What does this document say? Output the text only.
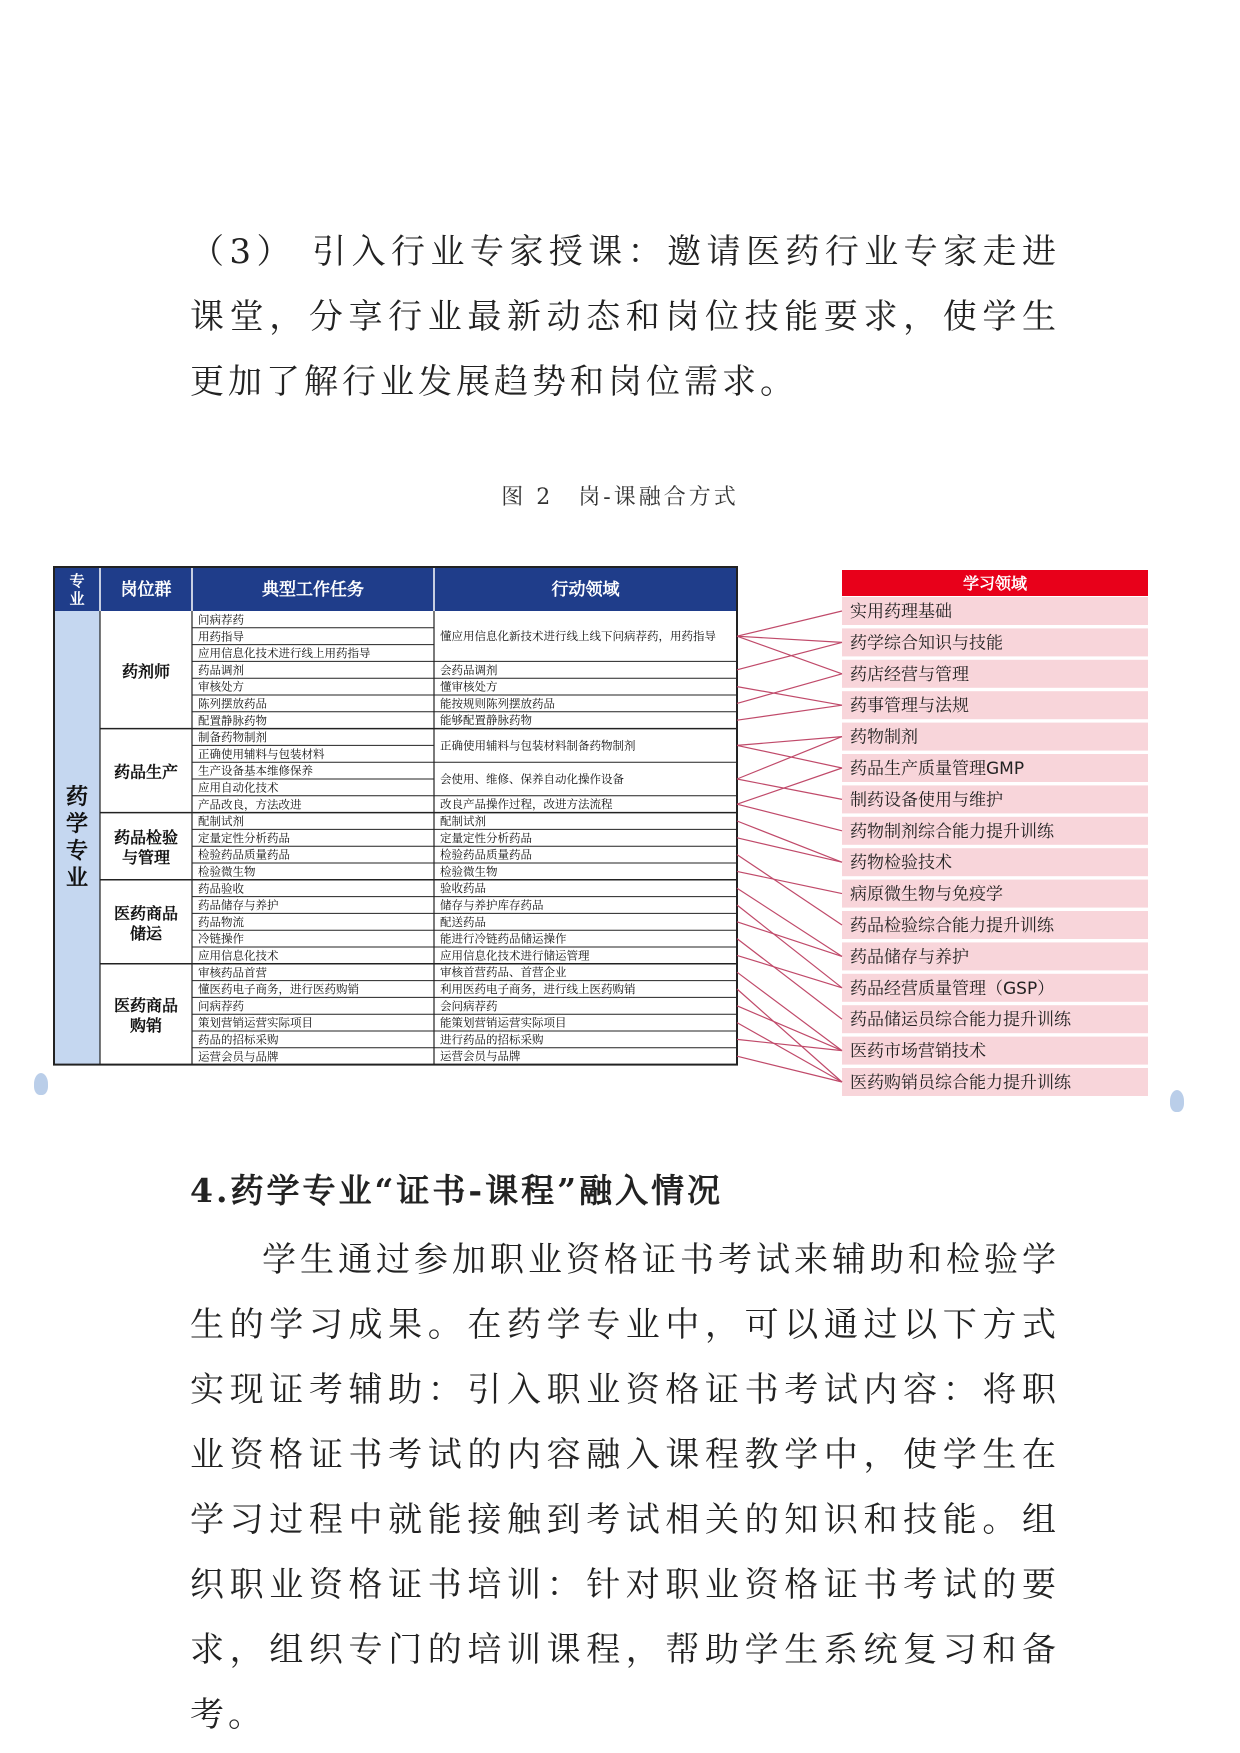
（3） 引入行业专家授课：邀请医药行业专家走进课堂，分享行业最新动态和岗位技能要求，使学生更加了解行业发展趋势和岗位需求。

图 2　岗-课融合方式
专
业 岗位群	典型工作任务	行动领域
药
学
专
业
药剂师
懂应用信息化新技术进行线上线下问病荐药，用药指导
会药品调剂
懂审核处方
能按规则陈列摆放药品
能够配置静脉药物
问病荐药
用药指导
应用信息化技术进行线上用药指导
药品调剂
审核处方
陈列摆放药品
配置静脉药物
药品生产
正确使用辅料与包装材料制备药物制剂
会使用、维修、保养自动化操作设备
改良产品操作过程，改进方法流程
制备药物制剂
正确使用辅料与包装材料
生产设备基本维修保养
应用自动化技术
产品改良，方法改进
药品检验
与管理
配制试剂
定量定性分析药品
检验药品质量药品
检验微生物
配制试剂
定量定性分析药品
检验药品质量药品
检验微生物
医药商品
储运
验收药品
储存与养护库存药品
配送药品
能进行冷链药品储运操作
应用信息化技术进行储运管理
药品验收
药品储存与养护
药品物流
冷链操作
应用信息化技术
医药商品
购销
审核首营药品、首营企业
利用医药电子商务，进行线上医药购销
会问病荐药
能策划营销运营实际项目
进行药品的招标采购
运营会员与品牌
审核药品首营
懂医药电子商务，进行医药购销
问病荐药
策划营销运营实际项目
药品的招标采购
运营会员与品牌
学习领域
实用药理基础
药学综合知识与技能
药店经营与管理
药事管理与法规
药物制剂
药品生产质量管理GMP
制药设备使用与维护
药物制剂综合能力提升训练
药物检验技术
病原微生物与免疫学
药品检验综合能力提升训练
药品储存与养护
药品经营质量管理（GSP）
药品储运员综合能力提升训练
医药市场营销技术
医药购销员综合能力提升训练
4.药学专业“证书-课程”融入情况

学生通过参加职业资格证书考试来辅助和检验学生的学习成果。在药学专业中，可以通过以下方式实现证考辅助：引入职业资格证书考试内容：将职业资格证书考试的内容融入课程教学中，使学生在学习过程中就能接触到考试相关的知识和技能。组织职业资格证书培训：针对职业资格证书考试的要求，组织专门的培训课程，帮助学生系统复习和备考。
